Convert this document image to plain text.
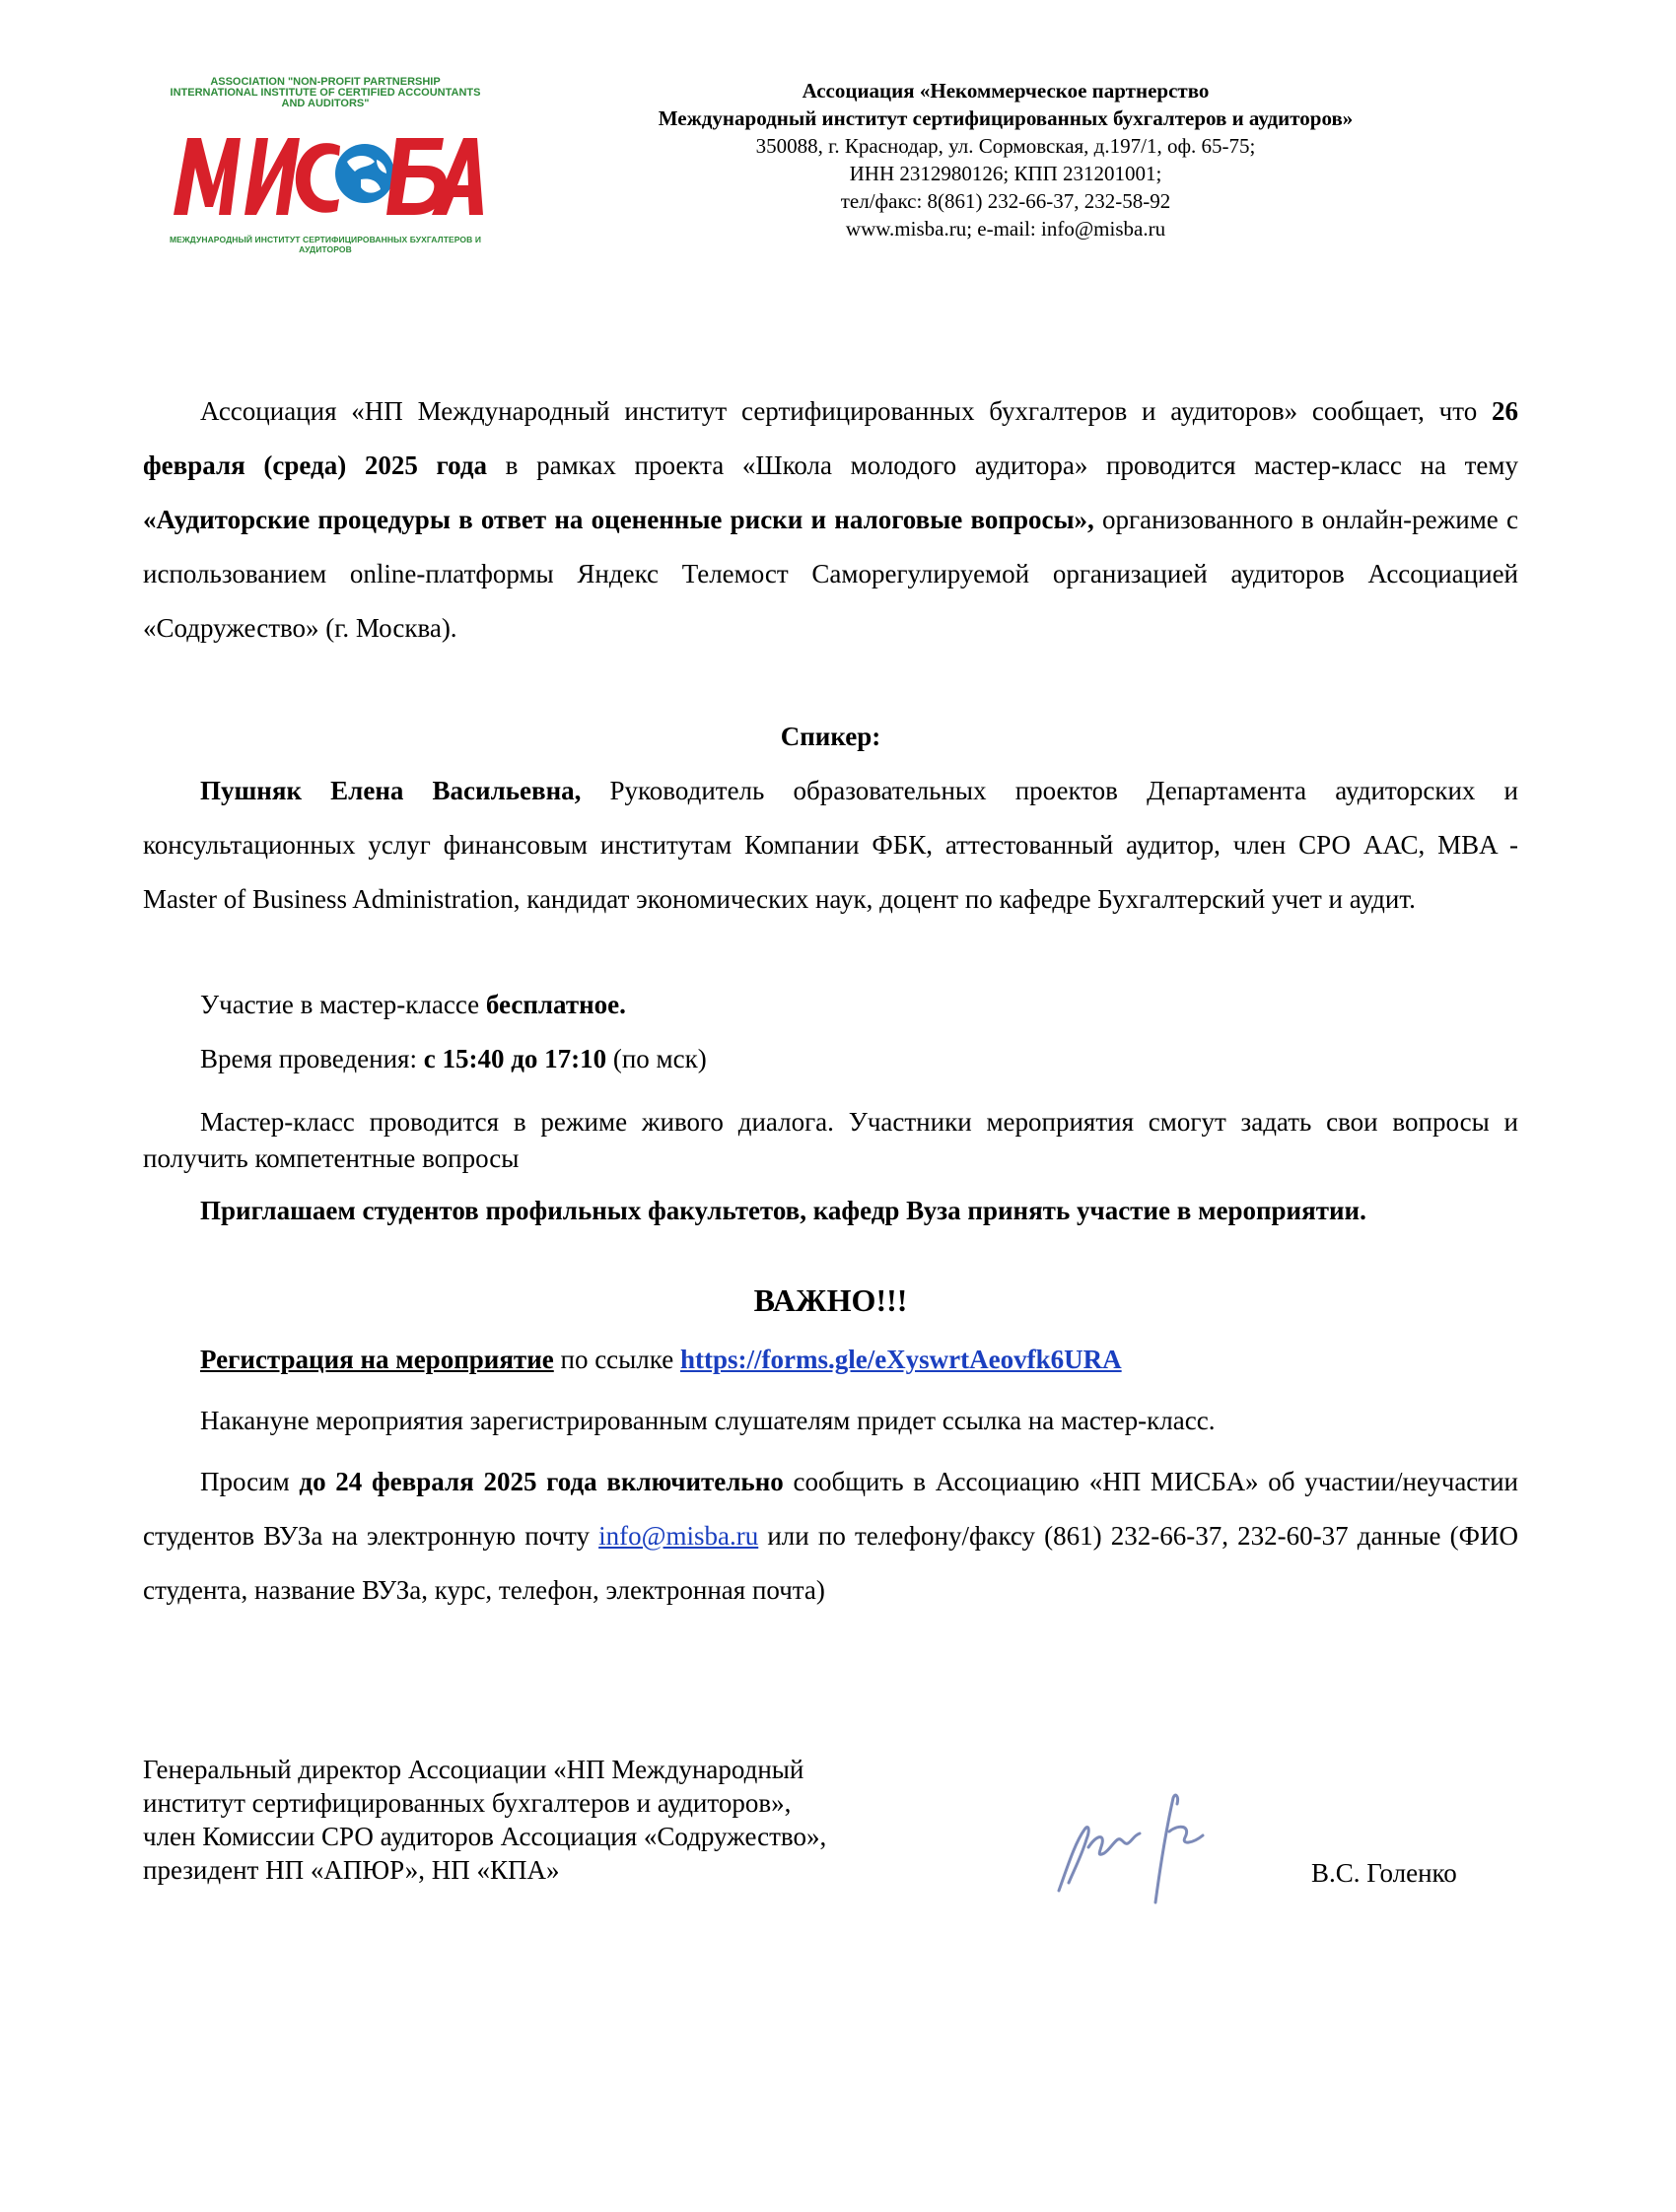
ASSOCIATION "NON-PROFIT PARTNERSHIP INTERNATIONAL INSTITUTE OF CERTIFIED ACCOUNTANTS AND AUDITORS"
МЕЖДУНАРОДНЫЙ ИНСТИТУТ СЕРТИФИЦИРОВАННЫХ БУХГАЛТЕРОВ И АУДИТОРОВ
Ассоциация «Некоммерческое партнерство
Международный институт сертифицированных бухгалтеров и аудиторов»
350088, г. Краснодар, ул. Сормовская, д.197/1, оф. 65-75;
ИНН 2312980126; КПП 231201001;
тел/факс: 8(861) 232-66-37, 232-58-92
www.misba.ru; e-mail: info@misba.ru

Ассоциация «НП Международный институт сертифицированных бухгалтеров и аудиторов» сообщает, что 26 февраля (среда) 2025 года в рамках проекта «Школа молодого аудитора» проводится мастер-класс на тему «Аудиторские процедуры в ответ на оцененные риски и налоговые вопросы», организованного в онлайн-режиме с использованием online-платформы Яндекс Телемост Саморегулируемой организацией аудиторов Ассоциацией «Содружество» (г. Москва).

Спикер:

Пушняк Елена Васильевна, Руководитель образовательных проектов Департамента аудиторских и консультационных услуг финансовым институтам Компании ФБК, аттестованный аудитор, член СРО ААС, MBA - Master of Business Administration, кандидат экономических наук, доцент по кафедре Бухгалтерский учет и аудит.

Участие в мастер-классе бесплатное.

Время проведения: с 15:40 до 17:10 (по мск)

Мастер-класс проводится в режиме живого диалога. Участники мероприятия смогут задать свои вопросы и получить компетентные вопросы

Приглашаем студентов профильных факультетов, кафедр Вуза принять участие в мероприятии.

ВАЖНО!!!

Регистрация на мероприятие по ссылке https://forms.gle/eXyswrtAeovfk6URA

Накануне мероприятия зарегистрированным слушателям придет ссылка на мастер-класс.

Просим до 24 февраля 2025 года включительно сообщить в Ассоциацию «НП МИСБА» об участии/неучастии студентов ВУЗа на электронную почту info@misba.ru или по телефону/факсу (861) 232-66-37, 232-60-37 данные (ФИО студента, название ВУЗа, курс, телефон, электронная почта)

Генеральный директор Ассоциации «НП Международный

институт сертифицированных бухгалтеров и аудиторов»,

член Комиссии СРО аудиторов Ассоциация «Содружество»,

президент НП «АПЮР», НП «КПА»	В.С. Голенко
